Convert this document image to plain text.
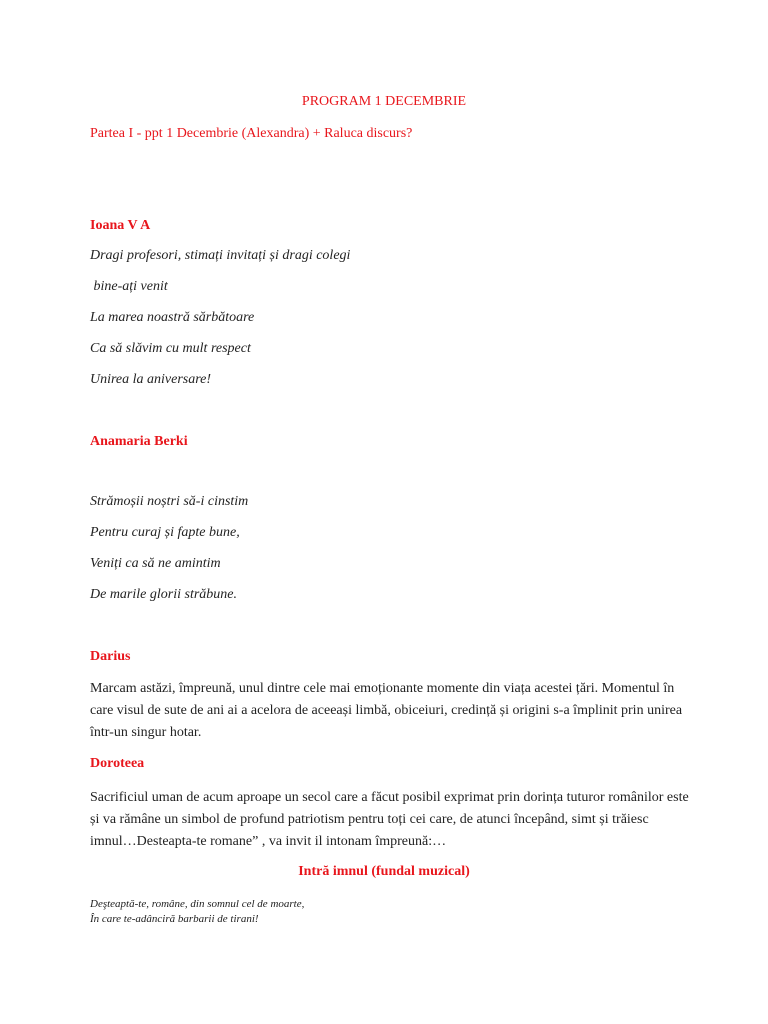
PROGRAM 1 DECEMBRIE
Partea I - ppt 1 Decembrie (Alexandra) + Raluca discurs?
Ioana V A
Dragi profesori, stimați invitați și dragi colegi
bine-ați venit
La marea noastră sărbătoare
Ca să slăvim cu mult respect
Unirea la aniversare!
Anamaria Berki
Strămoșii noștri să-i cinstim
Pentru curaj și fapte bune,
Veniți ca să ne amintim
De marile glorii străbune.
Darius

Marcam astăzi, împreună, unul dintre cele mai emoționante momente din viața acestei țări. Momentul în care visul de sute de ani ai a acelora de aceeași limbă, obiceiuri, credință și origini s-a împlinit prin unirea într-un singur hotar.

Doroteea

Sacrificiul uman de acum aproape un secol care a făcut posibil exprimat prin dorința tuturor românilor este și va rămâne un simbol de profund patriotism pentru toți cei care, de atunci începând, simt și trăiesc imnul…Desteapta-te romane” , va invit il intonam împreună:…

Intră imnul (fundal muzical)
Deşteaptă-te, române, din somnul cel de moarte,
În care te-adânciră barbarii de tirani!
